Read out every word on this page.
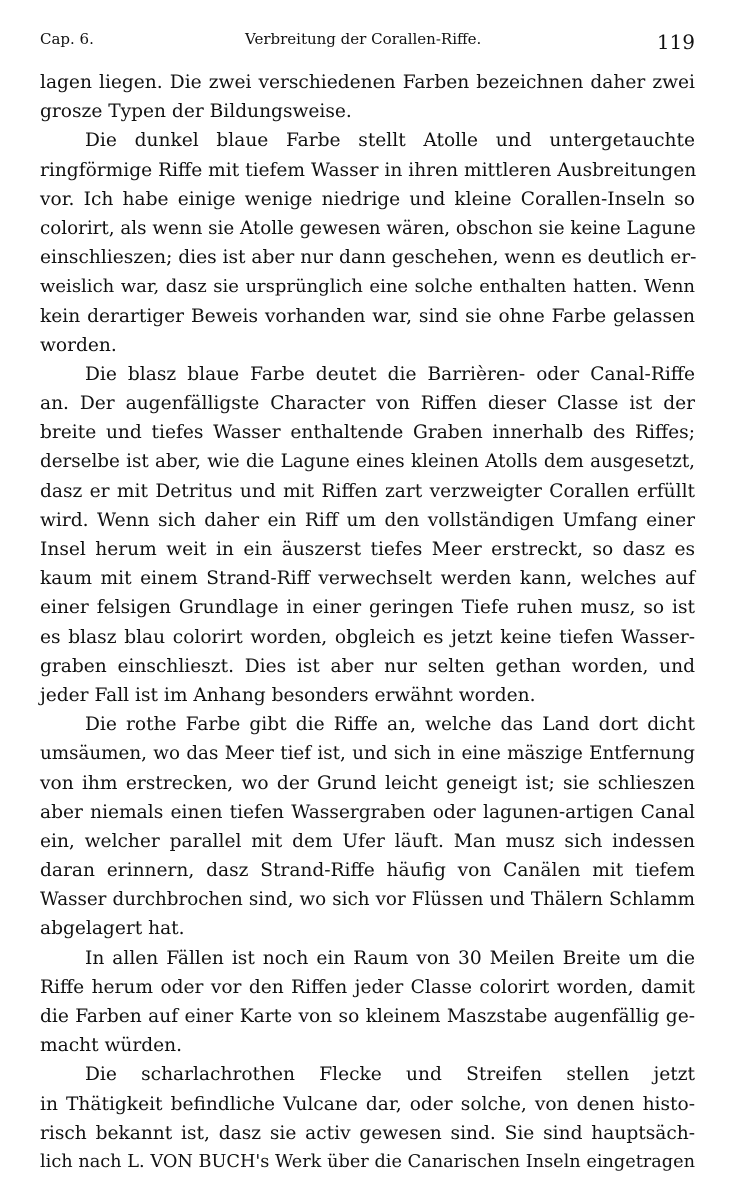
Cap. 6.	Verbreitung der Corallen-Riffe.	119
lagen liegen. Die zwei verschiedenen Farben bezeichnen daher zwei
grosze Typen der Bildungsweise.
Die dunkel blaue Farbe stellt Atolle und untergetauchte
ringförmige Riffe mit tiefem Wasser in ihren mittleren Ausbreitungen
vor. Ich habe einige wenige niedrige und kleine Corallen-Inseln so
colorirt, als wenn sie Atolle gewesen wären, obschon sie keine Lagune
einschlieszen; dies ist aber nur dann geschehen, wenn es deutlich er-
weislich war, dasz sie ursprünglich eine solche enthalten hatten. Wenn
kein derartiger Beweis vorhanden war, sind sie ohne Farbe gelassen
worden.
Die blasz blaue Farbe deutet die Barrièren- oder Canal-Riffe
an. Der augenfälligste Character von Riffen dieser Classe ist der
breite und tiefes Wasser enthaltende Graben innerhalb des Riffes;
derselbe ist aber, wie die Lagune eines kleinen Atolls dem ausgesetzt,
dasz er mit Detritus und mit Riffen zart verzweigter Corallen erfüllt
wird. Wenn sich daher ein Riff um den vollständigen Umfang einer
Insel herum weit in ein äuszerst tiefes Meer erstreckt, so dasz es
kaum mit einem Strand-Riff verwechselt werden kann, welches auf
einer felsigen Grundlage in einer geringen Tiefe ruhen musz, so ist
es blasz blau colorirt worden, obgleich es jetzt keine tiefen Wasser-
graben einschlieszt. Dies ist aber nur selten gethan worden, und
jeder Fall ist im Anhang besonders erwähnt worden.
Die rothe Farbe gibt die Riffe an, welche das Land dort dicht
umsäumen, wo das Meer tief ist, und sich in eine mäszige Entfernung
von ihm erstrecken, wo der Grund leicht geneigt ist; sie schlieszen
aber niemals einen tiefen Wassergraben oder lagunen-artigen Canal
ein, welcher parallel mit dem Ufer läuft. Man musz sich indessen
daran erinnern, dasz Strand-Riffe häufig von Canälen mit tiefem
Wasser durchbrochen sind, wo sich vor Flüssen und Thälern Schlamm
abgelagert hat.
In allen Fällen ist noch ein Raum von 30 Meilen Breite um die
Riffe herum oder vor den Riffen jeder Classe colorirt worden, damit
die Farben auf einer Karte von so kleinem Maszstabe augenfällig ge-
macht würden.
Die scharlachrothen Flecke und Streifen stellen jetzt
in Thätigkeit befindliche Vulcane dar, oder solche, von denen histo-
risch bekannt ist, dasz sie activ gewesen sind. Sie sind hauptsäch-
lich nach L. VON BUCH's Werk über die Canarischen Inseln eingetragen
